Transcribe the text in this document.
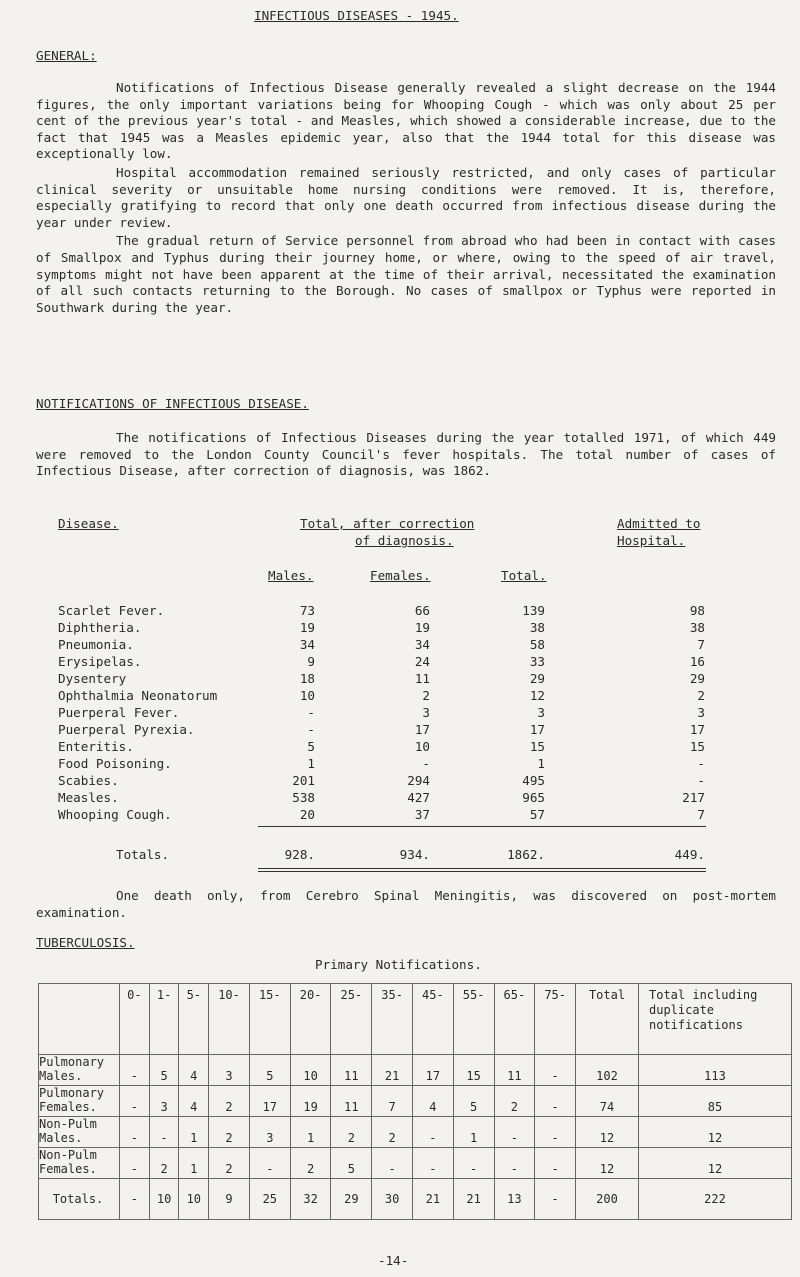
INFECTIOUS DISEASES - 1945.
GENERAL:

Notifications of Infectious Disease generally revealed a slight decrease on the 1944 figures, the only important variations being for Whooping Cough - which was only about 25 per cent of the previous year's total - and Measles, which showed a considerable increase, due to the fact that 1945 was a Measles epidemic year, also that the 1944 total for this disease was exceptionally low.

Hospital accommodation remained seriously restricted, and only cases of particular clinical severity or unsuitable home nursing conditions were removed. It is, therefore, especially gratifying to record that only one death occurred from infectious disease during the year under review.

The gradual return of Service personnel from abroad who had been in contact with cases of Smallpox and Typhus during their journey home, or where, owing to the speed of air travel, symptoms might not have been apparent at the time of their arrival, necessitated the examination of all such contacts returning to the Borough. No cases of smallpox or Typhus were reported in Southwark during the year.

NOTIFICATIONS OF INFECTIOUS DISEASE.

The notifications of Infectious Diseases during the year totalled 1971, of which 449 were removed to the London County Council's fever hospitals. The total number of cases of Infectious Disease, after correction of diagnosis, was 1862.

Disease.	Total, after correction
of diagnosis.
Admitted to
Hospital.
Males.	Females.	Total.
Scarlet Fever.	73	66	139	98
Diphtheria.	19	19	38	38
Pneumonia.	34	34	58	7
Erysipelas.	9	24	33	16
Dysentery	18	11	29	29
Ophthalmia Neonatorum	10	2	12	2
Puerperal Fever.	-	3	3	3
Puerperal Pyrexia.	-	17	17	17
Enteritis.	5	10	15	15
Food Poisoning.	1	-	1	-
Scabies.	201	294	495	-
Measles.	538	427	965	217
Whooping Cough.	20	37	57	7
Totals.	928.	934.	1862.	449.

One death only, from Cerebro Spinal Meningitis, was discovered on post-mortem examination.

TUBERCULOSIS.
Primary Notifications.
	0-	1-	5-	10-	15-	20-	25-	35-	45-	55-	65-	75-	Total	Total including duplicate notifications
Pulmonary
Males.	-	5	4	3	5	10	11	21	17	15	11	-	102	113
Pulmonary
Females.	-	3	4	2	17	19	11	7	4	5	2	-	74	85
Non-Pulm
Males.	-	-	1	2	3	1	2	2	-	1	-	-	12	12
Non-Pulm
Females.	-	2	1	2	-	2	5	-	-	-	-	-	12	12
Totals.	-	10	10	9	25	32	29	30	21	21	13	-	200	222
-14-
